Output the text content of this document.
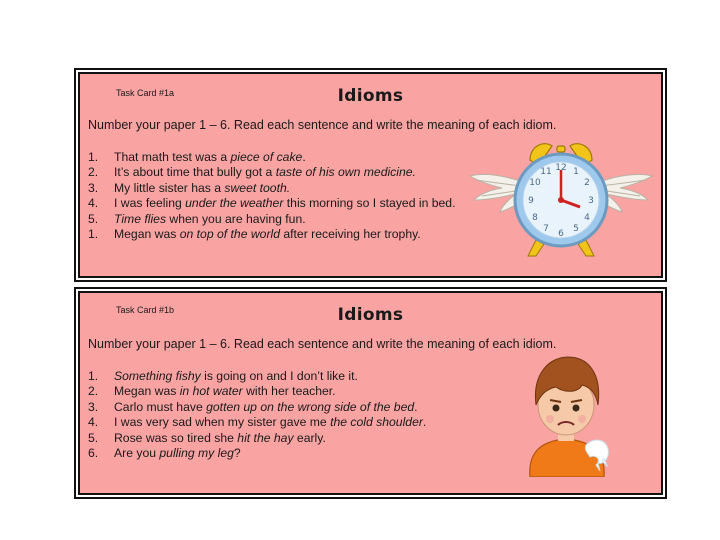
Task Card #1a	Idioms
Number your paper 1 – 6. Read each sentence and write the meaning of each idiom.
1. That math test was a piece of cake.
2. It’s about time that bully got a taste of his own medicine.
3. My little sister has a sweet tooth.
4. I was feeling under the weather this morning so I stayed in bed.
5. Time flies when you are having fun.
1. Megan was on top of the world after receiving her trophy.
12 1
2
3
4
5
6
7
8
9
10
11
Task Card #1b	Idioms
Number your paper 1 – 6. Read each sentence and write the meaning of each idiom.
1. Something fishy is going on and I don’t like it.
2. Megan was in hot water with her teacher.
3. Carlo must have gotten up on the wrong side of the bed.
4. I was very sad when my sister gave me the cold shoulder.
5. Rose was so tired she hit the hay early.
6. Are you pulling my leg?
